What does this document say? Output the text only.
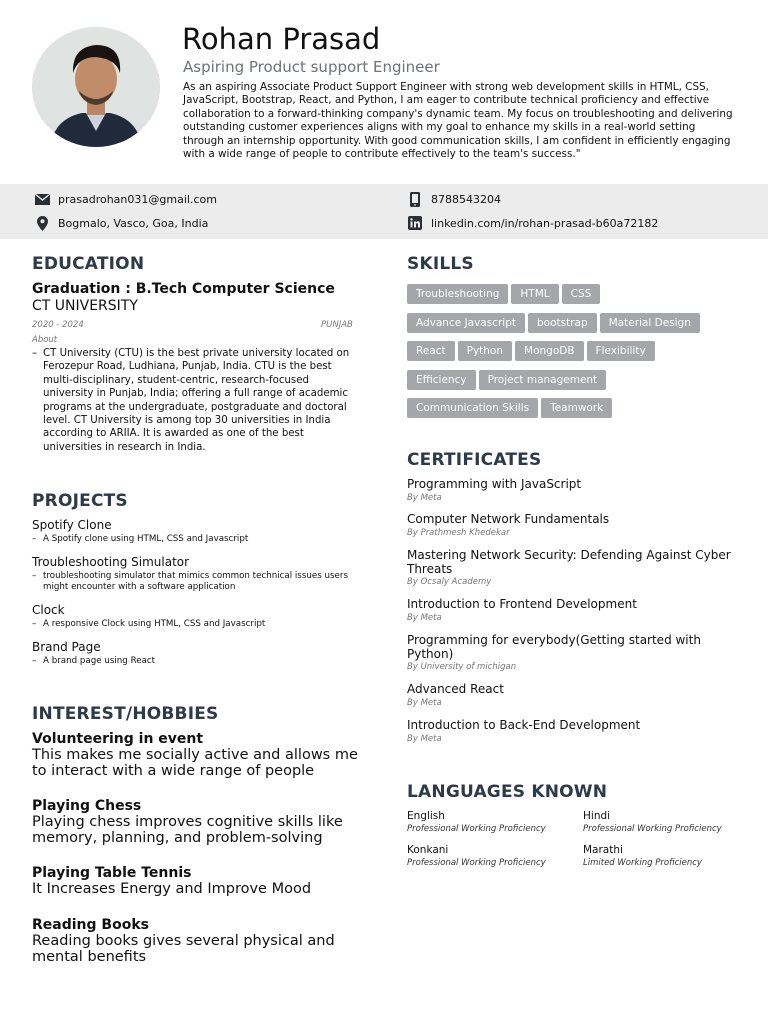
Rohan Prasad
Aspiring Product support Engineer
As an aspiring Associate Product Support Engineer with strong web development skills in HTML, CSS, JavaScript, Bootstrap, React, and Python, I am eager to contribute technical proficiency and effective collaboration to a forward-thinking company's dynamic team. My focus on troubleshooting and delivering outstanding customer experiences aligns with my goal to enhance my skills in a real-world setting through an internship opportunity. With good communication skills, I am confident in efficiently engaging with a wide range of people to contribute effectively to the team's success."
prasadrohan031@gmail.com	8788543204
Bogmalo, Vasco, Goa, India	linkedin.com/in/rohan-prasad-b60a72182
EDUCATION
Graduation : B.Tech Computer Science
CT UNIVERSITY
2020 - 2024	PUNJAB
About
– CT University (CTU) is the best private university located on Ferozepur Road, Ludhiana, Punjab, India. CTU is the best multi-disciplinary, student-centric, research-focused university in Punjab, India; offering a full range of academic programs at the undergraduate, postgraduate and doctoral level. CT University is among top 30 universities in India according to ARIIA. It is awarded as one of the best universities in research in India.
PROJECTS
Spotify Clone
– A Spotify clone using HTML, CSS and Javascript
Troubleshooting Simulator
– troubleshooting simulator that mimics common technical issues users might encounter with a software application
Clock
– A responsive Clock using HTML, CSS and Javascript
Brand Page
– A brand page using React
INTEREST/HOBBIES
Volunteering in event
This makes me socially active and allows me to interact with a wide range of people
Playing Chess
Playing chess improves cognitive skills like memory, planning, and problem-solving
Playing Table Tennis
It Increases Energy and Improve Mood
Reading Books
Reading books gives several physical and mental benefits
SKILLS
Troubleshooting HTML CSS
Advance Javascript bootstrap Material Design
React Python MongoDB Flexibility
Efficiency Project management
Communication Skills Teamwork
CERTIFICATES
Programming with JavaScript
By Meta
Computer Network Fundamentals
By Prathmesh Khedekar
Mastering Network Security: Defending Against Cyber Threats
By Ocsaly Academy
Introduction to Frontend Development
By Meta
Programming for everybody(Getting started with Python)
By University of michigan
Advanced React
By Meta
Introduction to Back-End Development
By Meta
LANGUAGES KNOWN
English
Professional Working Proficiency
Hindi
Professional Working Proficiency
Konkani
Professional Working Proficiency
Marathi
Limited Working Proficiency
